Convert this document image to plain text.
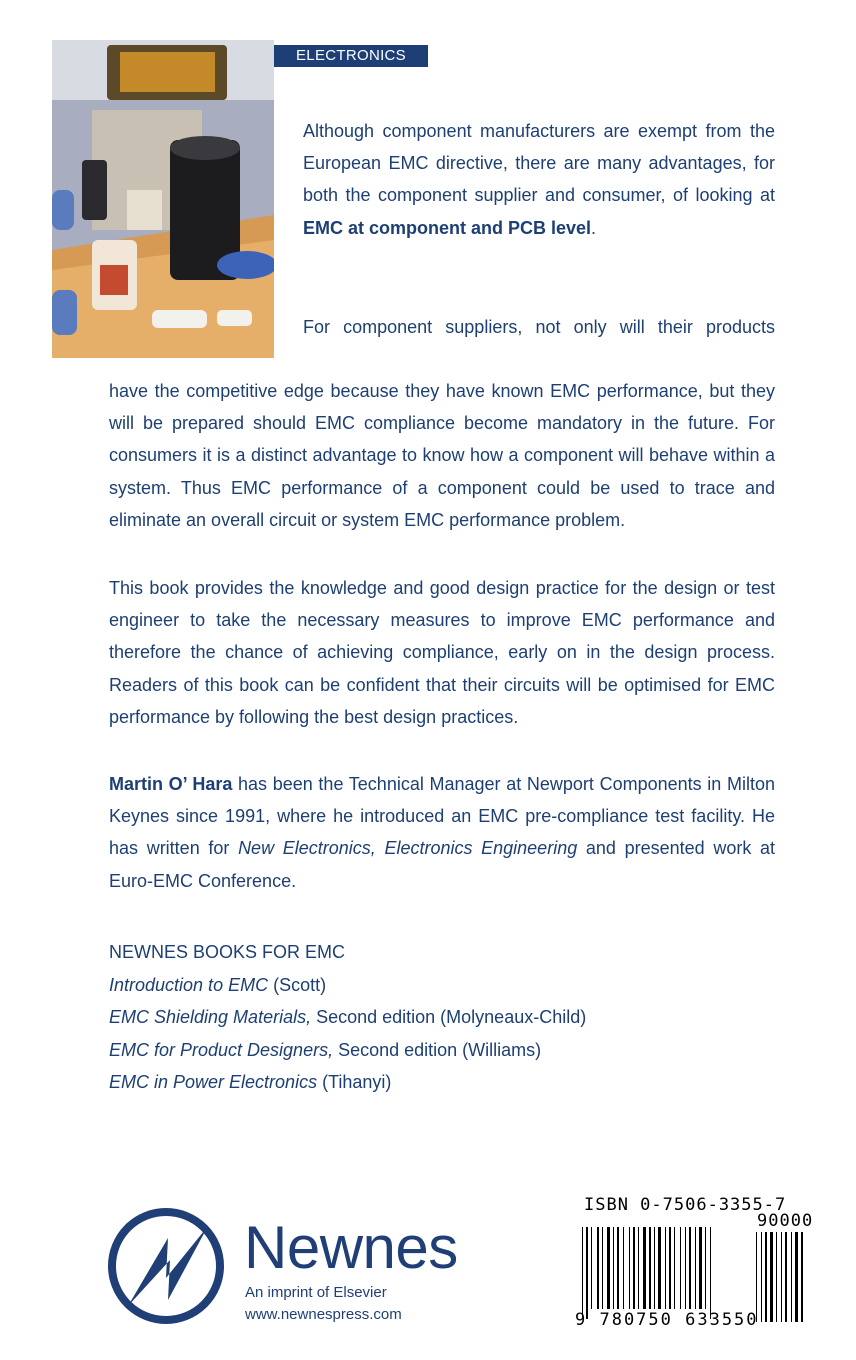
ELECTRONICS

Although component manufacturers are exempt from the European EMC directive, there are many advantages, for both the component supplier and consumer, of looking at EMC at component and PCB level.

For component suppliers, not only will their products

have the competitive edge because they have known EMC performance, but they will be prepared should EMC compliance become mandatory in the future. For consumers it is a distinct advantage to know how a component will behave within a system. Thus EMC performance of a component could be used to trace and eliminate an overall circuit or system EMC performance problem.

This book provides the knowledge and good design practice for the design or test engineer to take the necessary measures to improve EMC performance and therefore the chance of achieving compliance, early on in the design process. Readers of this book can be confident that their circuits will be optimised for EMC performance by following the best design practices.

Martin O’ Hara has been the Technical Manager at Newport Components in Milton Keynes since 1991, where he introduced an EMC pre-compliance test facility. He has written for New Electronics, Electronics Engineering and presented work at Euro-EMC Conference.

NEWNES BOOKS FOR EMC
Introduction to EMC (Scott)
EMC Shielding Materials, Second edition (Molyneaux-Child)
EMC for Product Designers, Second edition (Williams)
EMC in Power Electronics (Tihanyi)
Newnes
An imprint of Elsevier
www.newnespress.com
ISBN 0-7506-3355-7
90000
9 780750 633550
